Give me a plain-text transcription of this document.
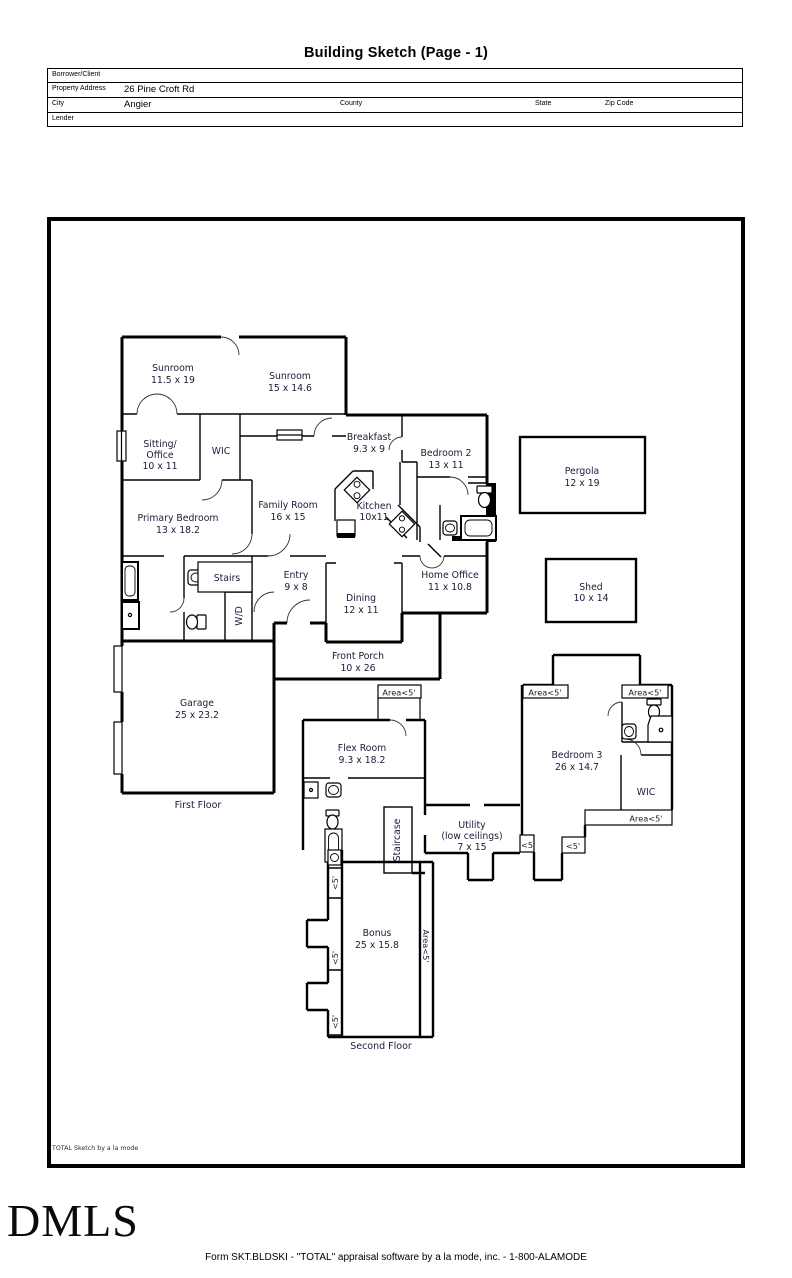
Building Sketch (Page - 1)
Borrower/Client
Property Address 26 Pine Croft Rd
City	Angier	County	State	Zip Code
Lender
Sunroom
11.5 x 19	Sunroom
15 x 14.6
Sitting/
Office
10 x 11
WIC
Breakfast
9.3 x 9	Bedroom 2
13 x 11
Pergola
12 x 19
Family Room
16 x 15
Kitchen
10x11
Primary Bedroom
13 x 18.2
Shed
10 x 14
Stairs	Entry
9 x 8
Home Office
11 x 10.8
Dining
12 x 11
W/D
Front Porch
10 x 26
Garage
25 x 23.2
First Floor
Flex Room
9.3 x 18.2	Bedroom 3
26 x 14.7
WIC
Utility
(low ceilings)
7 x 15
Staircase
Bonus
25 x 15.8
Second Floor
Area<5'	Area<5'	Area<5'
Area<5'
Area<5'
<5	<5'
<5'
<5'
<5'
TOTAL Sketch by a la mode
DMLS
Form SKT.BLDSKI - "TOTAL" appraisal software by a la mode, inc. - 1-800-ALAMODE
